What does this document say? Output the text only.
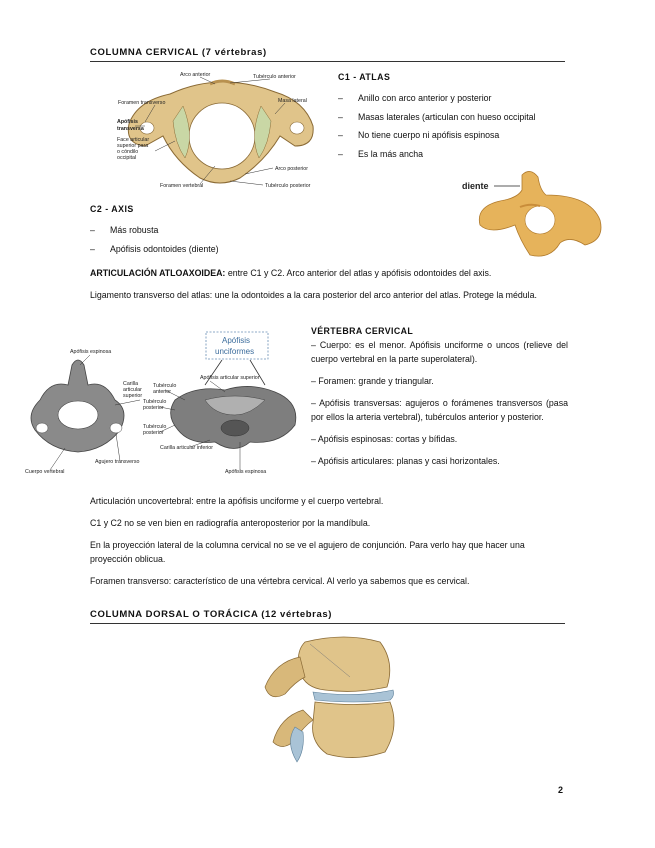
COLUMNA CERVICAL (7 vértebras)
Arco anterior	Tubérculo anterior
Foramen transverso	Masa lateral
Apófisis
transversa
Face articular
superior para
o cóndilo
occipital
Arco posterior
Foramen vertebral	Tubérculo posterior
C1 - ATLAS
– Anillo con arco anterior y posterior
– Masas laterales (articulan con hueso occipital
– No tiene cuerpo ni apófisis espinosa
– Es la más ancha
diente
C2 - AXIS
– Más robusta
– Apófisis odontoides (diente)
ARTICULACIÓN ATLOAXOIDEA: entre C1 y C2. Arco anterior del atlas y apófisis odontoides del axis.
Ligamento transverso del atlas: une la odontoides a la cara posterior del arco anterior del atlas. Protege la médula.
Apófisis
unciformes
Apófisis espinosa
Carilla
articular
superior
Tubérculo
anterior
Tubérculo
posterior
Apófisis articular superior
Tubérculo
posterior
Carilla articular inferior
Agujero transverso
Cuerpo vertebral	Apófisis espinosa
VÉRTEBRA CERVICAL
– Cuerpo: es el menor. Apófisis unciforme o uncos (relieve del cuerpo vertebral en la parte superolateral).
– Foramen: grande y triangular.
– Apófisis transversas: agujeros o forámenes transversos (pasa por ellos la arteria vertebral), tubérculos anterior y posterior.
– Apófisis espinosas: cortas y bífidas.
– Apófisis articulares: planas y casi horizontales.
Articulación uncovertebral: entre la apófisis unciforme y el cuerpo vertebral.
C1 y C2 no se ven bien en radiografía anteroposterior por la mandíbula.
En la proyección lateral de la columna cervical no se ve el agujero de conjunción. Para verlo hay que hacer una proyección oblicua.
Foramen transverso: característico de una vértebra cervical. Al verlo ya sabemos que es cervical.
COLUMNA DORSAL O TORÁCICA (12 vértebras)
2
